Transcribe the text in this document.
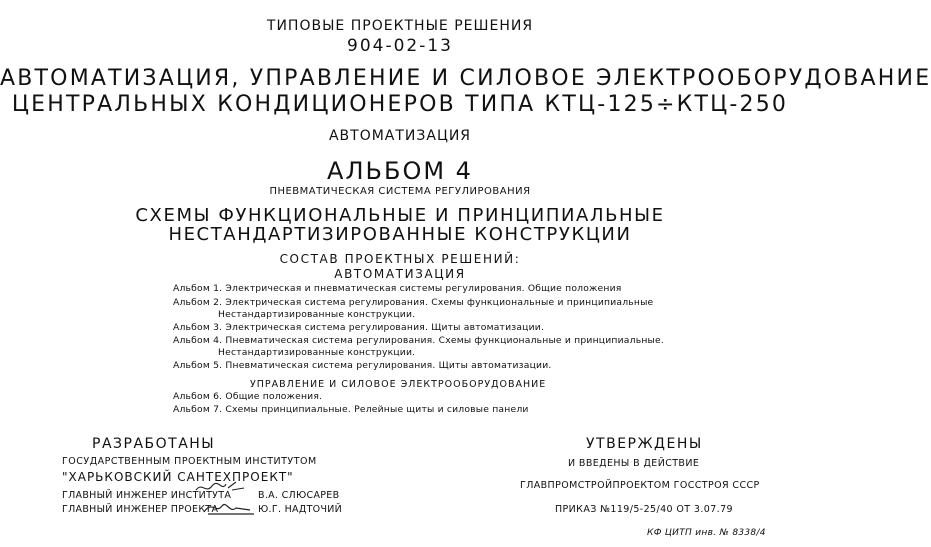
ТИПОВЫЕ ПРОЕКТНЫЕ РЕШЕНИЯ
904-02-13
АВТОМАТИЗАЦИЯ, УПРАВЛЕНИЕ И СИЛОВОЕ ЭЛЕКТРООБОРУДОВАНИЕ
ЦЕНТРАЛЬНЫХ КОНДИЦИОНЕРОВ ТИПА КТЦ-125÷КТЦ-250
АВТОМАТИЗАЦИЯ
АЛЬБОМ 4
ПНЕВМАТИЧЕСКАЯ СИСТЕМА РЕГУЛИРОВАНИЯ
СХЕМЫ ФУНКЦИОНАЛЬНЫЕ И ПРИНЦИПИАЛЬНЫЕ
НЕСТАНДАРТИЗИРОВАННЫЕ КОНСТРУКЦИИ
СОСТАВ ПРОЕКТНЫХ РЕШЕНИЙ:
АВТОМАТИЗАЦИЯ
Альбом 1. Электрическая и пневматическая системы регулирования. Общие положения
Альбом 2. Электрическая система регулирования. Схемы функциональные и принципиальные
Нестандартизированные конструкции.
Альбом 3. Электрическая система регулирования. Щиты автоматизации.
Альбом 4. Пневматическая система регулирования. Схемы функциональные и принципиальные.
Нестандартизированные конструкции.
Альбом 5. Пневматическая система регулирования. Щиты автоматизации.
УПРАВЛЕНИЕ И СИЛОВОЕ ЭЛЕКТРООБОРУДОВАНИЕ
Альбом 6. Общие положения.
Альбом 7. Схемы принципиальные. Релейные щиты и силовые панели
РАЗРАБОТАНЫ
ГОСУДАРСТВЕННЫМ ПРОЕКТНЫМ ИНСТИТУТОМ
"ХАРЬКОВСКИЙ САНТЕХПРОЕКТ"
ГЛАВНЫЙ ИНЖЕНЕР ИНСТИТУТА	В.А. СЛЮСАРЕВ
ГЛАВНЫЙ ИНЖЕНЕР ПРОЕКТА	Ю.Г. НАДТОЧИЙ
УТВЕРЖДЕНЫ
И ВВЕДЕНЫ В ДЕЙСТВИЕ
ГЛАВПРОМСТРОЙПРОЕКТОМ ГОССТРОЯ СССР
ПРИКАЗ №119/5-25/40 ОТ 3.07.79
КФ ЦИТП инв. № 8338/4
